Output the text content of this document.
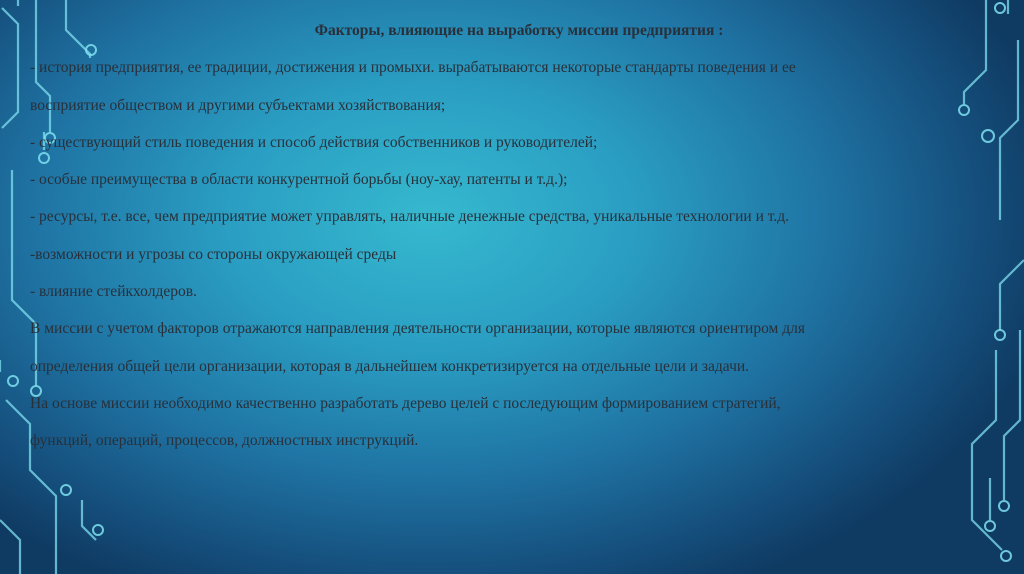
Факторы, влияющие на выработку миссии предприятия :

- история предприятия, ее традиции, достижения и промыхи. вырабатываются некоторые стандарты поведения и ее

восприятие обществом и другими субъектами хозяйствования;

- существующий стиль поведения и способ действия собственников и руководителей;

- особые преимущества в области конкурентной борьбы (ноу-хау, патенты и т.д.);

- ресурсы, т.е. все, чем предприятие может управлять, наличные денежные средства, уникальные технологии и т.д.

-возможности и угрозы со стороны окружающей среды

- влияние стейкхолдеров.

В миссии с учетом факторов отражаются направления деятельности организации, которые являются ориентиром для

определения общей цели организации, которая в дальнейшем конкретизируется на отдельные цели и задачи.

На основе миссии необходимо качественно разработать дерево целей с последующим формированием стратегий,

функций, операций, процессов, должностных инструкций.
